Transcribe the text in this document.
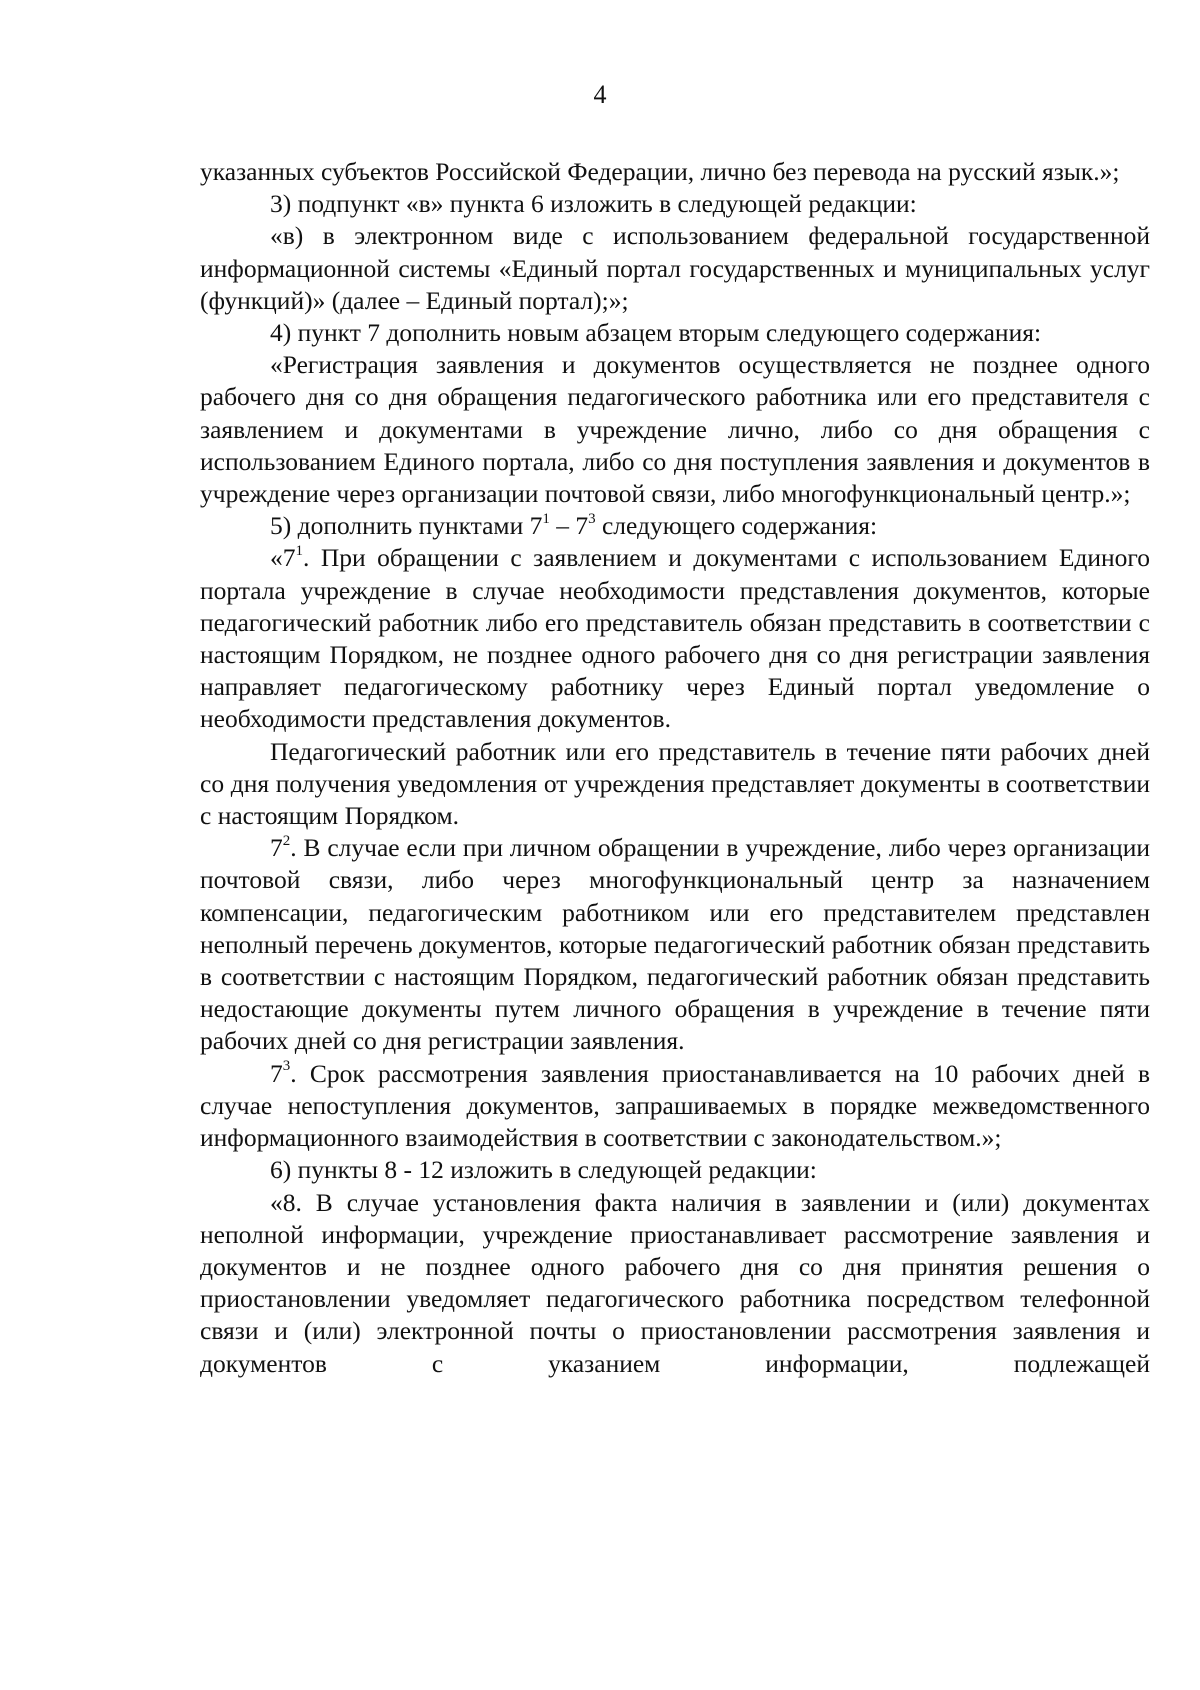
4

указанных субъектов Российской Федерации, лично без перевода на русский язык.»;

3) подпункт «в» пункта 6 изложить в следующей редакции:

«в) в электронном виде с использованием федеральной государственной информационной системы «Единый портал государственных и муниципальных услуг (функций)» (далее – Единый портал);»;

4) пункт 7 дополнить новым абзацем вторым следующего содержания:

«Регистрация заявления и документов осуществляется не позднее одного рабочего дня со дня обращения педагогического работника или его представителя с заявлением и документами в учреждение лично, либо со дня обращения с использованием Единого портала, либо со дня поступления заявления и документов в учреждение через организации почтовой связи, либо многофункциональный центр.»;

5) дополнить пунктами $7^1 - 7^3$ следующего содержания:

«$7^1$. При обращении с заявлением и документами с использованием Единого портала учреждение в случае необходимости представления документов, которые педагогический работник либо его представитель обязан представить в соответствии с настоящим Порядком, не позднее одного рабочего дня со дня регистрации заявления направляет педагогическому работнику через Единый портал уведомление о необходимости представления документов.

Педагогический работник или его представитель в течение пяти рабочих дней со дня получения уведомления от учреждения представляет документы в соответствии с настоящим Порядком.

$7^2$. В случае если при личном обращении в учреждение, либо через организации почтовой связи, либо через многофункциональный центр за назначением компенсации, педагогическим работником или его представителем представлен неполный перечень документов, которые педагогический работник обязан представить в соответствии с настоящим Порядком, педагогический работник обязан представить недостающие документы путем личного обращения в учреждение в течение пяти рабочих дней со дня регистрации заявления.

$7^3$. Срок рассмотрения заявления приостанавливается на 10 рабочих дней в случае непоступления документов, запрашиваемых в порядке межведомственного информационного взаимодействия в соответствии с законодательством.»;

6) пункты 8 - 12 изложить в следующей редакции:

«8. В случае установления факта наличия в заявлении и (или) документах неполной информации, учреждение приостанавливает рассмотрение заявления и документов и не позднее одного рабочего дня со дня принятия решения о приостановлении уведомляет педагогического работника посредством телефонной связи и (или) электронной почты о приостановлении рассмотрения заявления и документов с указанием информации, подлежащей
